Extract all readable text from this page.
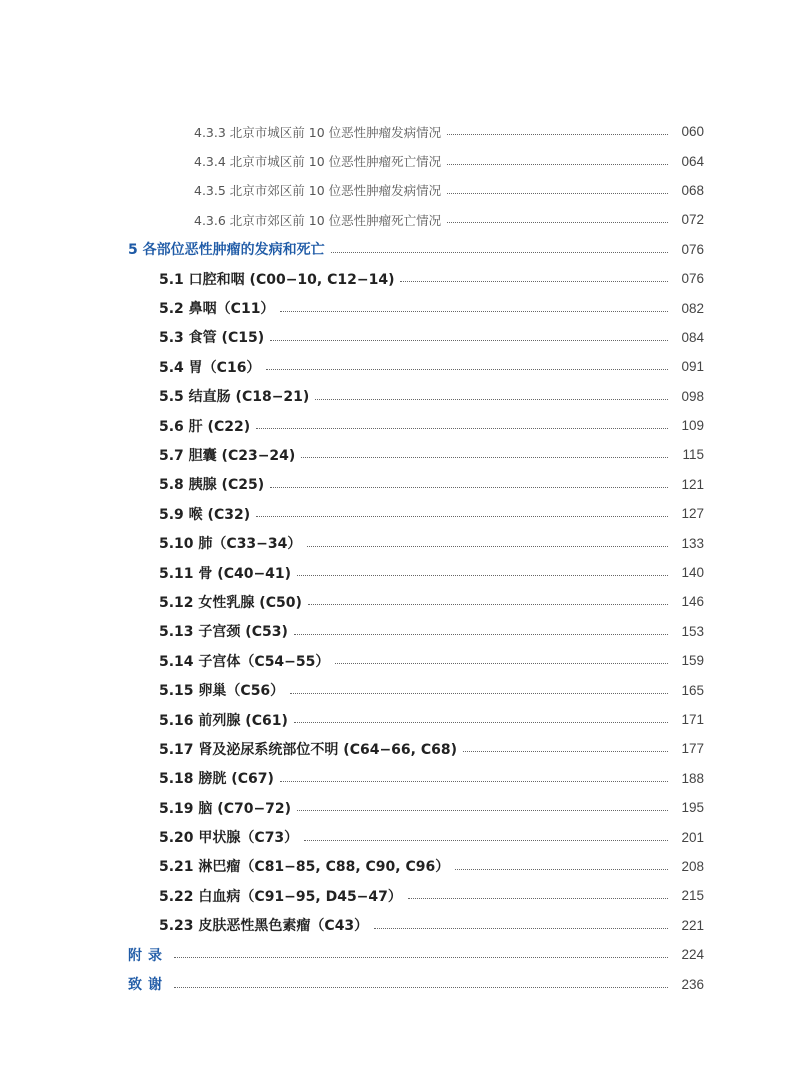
4.3.3 北京市城区前 10 位恶性肿瘤发病情况	060
4.3.4 北京市城区前 10 位恶性肿瘤死亡情况	064
4.3.5 北京市郊区前 10 位恶性肿瘤发病情况	068
4.3.6 北京市郊区前 10 位恶性肿瘤死亡情况	072
5 各部位恶性肿瘤的发病和死亡	076
5.1 口腔和咽 (C00−10, C12−14)	076
5.2 鼻咽（C11）	082
5.3 食管 (C15)	084
5.4 胃（C16）	091
5.5 结直肠 (C18−21)	098
5.6 肝 (C22)	109
5.7 胆囊 (C23−24)	115
5.8 胰腺 (C25)	121
5.9 喉 (C32)	127
5.10 肺（C33−34）	133
5.11 骨 (C40−41)	140
5.12 女性乳腺 (C50)	146
5.13 子宫颈 (C53)	153
5.14 子宫体（C54−55）	159
5.15 卵巢（C56）	165
5.16 前列腺 (C61)	171
5.17 肾及泌尿系统部位不明 (C64−66, C68)	177
5.18 膀胱 (C67)	188
5.19 脑 (C70−72)	195
5.20 甲状腺（C73）	201
5.21 淋巴瘤（C81−85, C88, C90, C96）	208
5.22 白血病（C91−95, D45−47）	215
5.23 皮肤恶性黑色素瘤（C43）	221
附录	224
致谢	236
